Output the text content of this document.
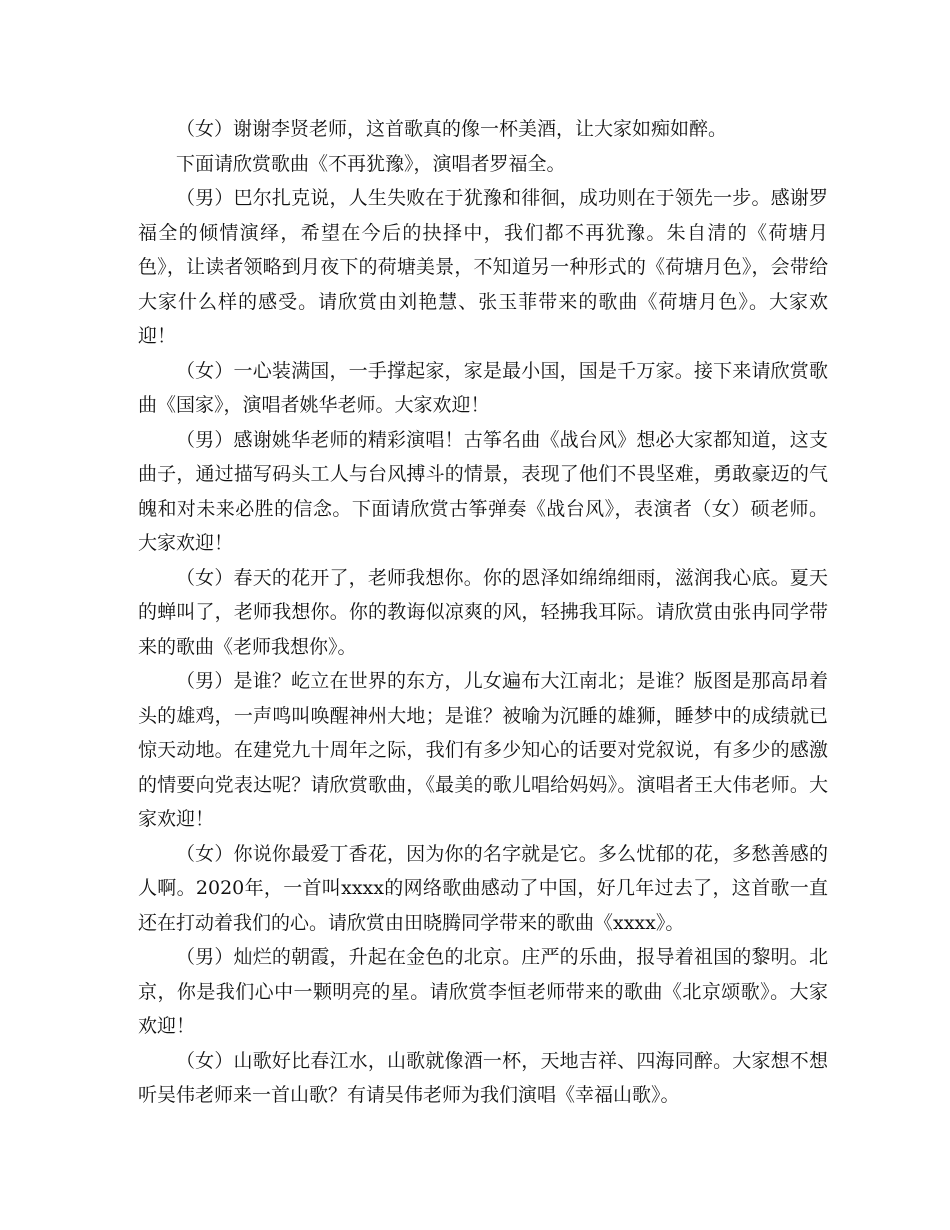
（女）谢谢李贤老师，这首歌真的像一杯美酒，让大家如痴如醉。

下面请欣赏歌曲《不再犹豫》，演唱者罗福全。

（男）巴尔扎克说，人生失败在于犹豫和徘徊，成功则在于领先一步。感谢罗福全的倾情演绎，希望在今后的抉择中，我们都不再犹豫。朱自清的《荷塘月色》，让读者领略到月夜下的荷塘美景，不知道另一种形式的《荷塘月色》，会带给大家什么样的感受。请欣赏由刘艳慧、张玉菲带来的歌曲《荷塘月色》。大家欢迎！

（女）一心装满国，一手撑起家，家是最小国，国是千万家。接下来请欣赏歌曲《国家》，演唱者姚华老师。大家欢迎！

（男）感谢姚华老师的精彩演唱！古筝名曲《战台风》想必大家都知道，这支曲子，通过描写码头工人与台风搏斗的情景，表现了他们不畏坚难，勇敢豪迈的气魄和对未来必胜的信念。下面请欣赏古筝弹奏《战台风》，表演者（女）硕老师。大家欢迎！

（女）春天的花开了，老师我想你。你的恩泽如绵绵细雨，滋润我心底。夏天的蝉叫了，老师我想你。你的教诲似凉爽的风，轻拂我耳际。请欣赏由张冉同学带来的歌曲《老师我想你》。

（男）是谁？屹立在世界的东方，儿女遍布大江南北；是谁？版图是那高昂着头的雄鸡，一声鸣叫唤醒神州大地；是谁？被喻为沉睡的雄狮，睡梦中的成绩就已惊天动地。在建党九十周年之际，我们有多少知心的话要对党叙说，有多少的感激的情要向党表达呢？请欣赏歌曲，《最美的歌儿唱给妈妈》。演唱者王大伟老师。大家欢迎！

（女）你说你最爱丁香花，因为你的名字就是它。多么忧郁的花，多愁善感的人啊。2020年，一首叫xxxx的网络歌曲感动了中国，好几年过去了，这首歌一直还在打动着我们的心。请欣赏由田晓腾同学带来的歌曲《xxxx》。

（男）灿烂的朝霞，升起在金色的北京。庄严的乐曲，报导着祖国的黎明。北京，你是我们心中一颗明亮的星。请欣赏李恒老师带来的歌曲《北京颂歌》。大家欢迎！

（女）山歌好比春江水，山歌就像酒一杯，天地吉祥、四海同醉。大家想不想听吴伟老师来一首山歌？有请吴伟老师为我们演唱《幸福山歌》。
